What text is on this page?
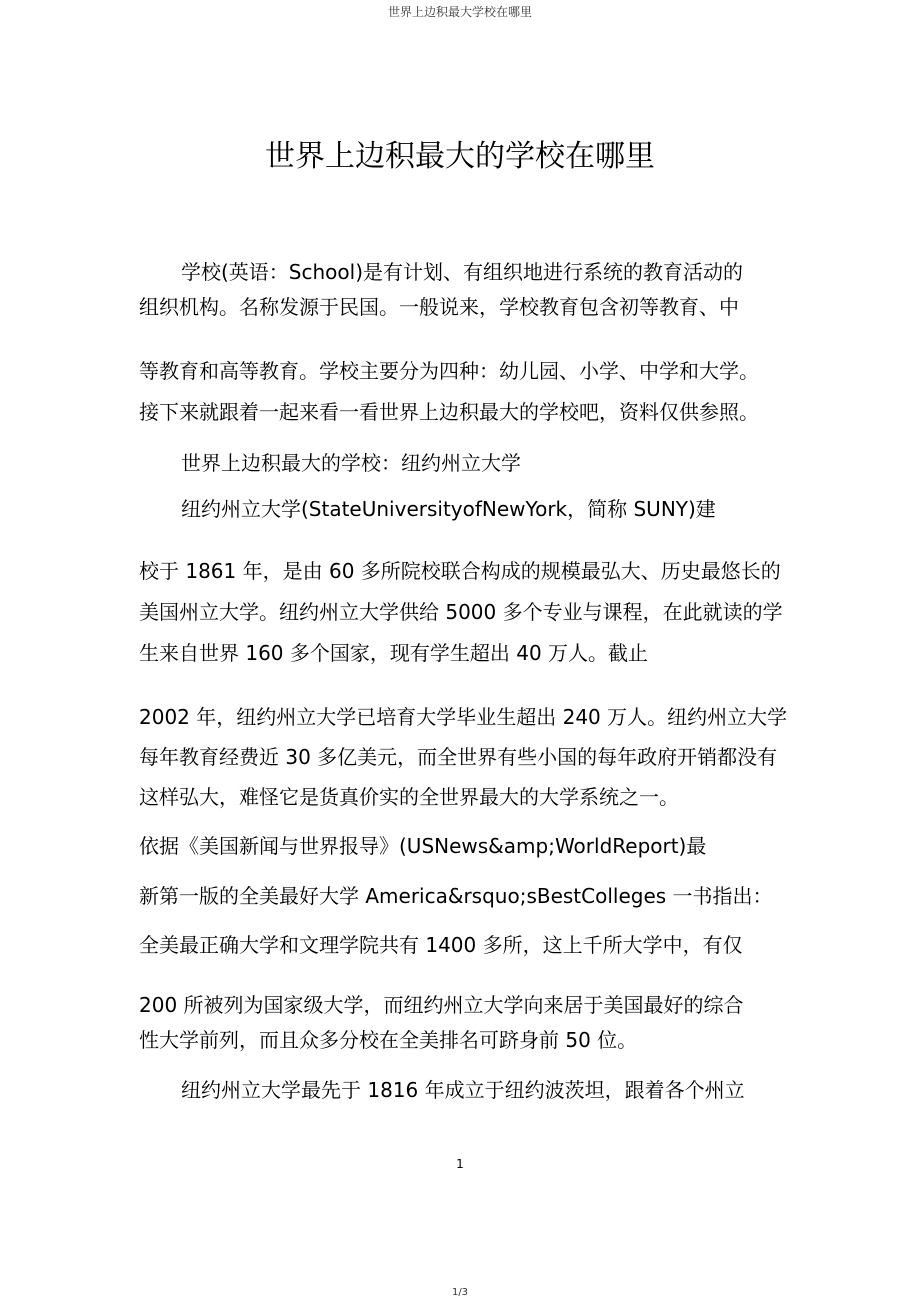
世界上边积最大学校在哪里
世界上边积最大的学校在哪里
学校(英语：School)是有计划、有组织地进行系统的教育活动的
组织机构。名称发源于民国。一般说来，学校教育包含初等教育、中
等教育和高等教育。学校主要分为四种：幼儿园、小学、中学和大学。
接下来就跟着一起来看一看世界上边积最大的学校吧，资料仅供参照。
世界上边积最大的学校：纽约州立大学
纽约州立大学(StateUniversityofNewYork，简称 SUNY)建
校于 1861 年，是由 60 多所院校联合构成的规模最弘大、历史最悠长的
美国州立大学。纽约州立大学供给 5000 多个专业与课程，在此就读的学
生来自世界 160 多个国家，现有学生超出 40 万人。截止
2002 年，纽约州立大学已培育大学毕业生超出 240 万人。纽约州立大学
每年教育经费近 30 多亿美元，而全世界有些小国的每年政府开销都没有
这样弘大，难怪它是货真价实的全世界最大的大学系统之一。
依据《美国新闻与世界报导》(USNews&amp;WorldReport)最
新第一版的全美最好大学 America&rsquo;sBestColleges 一书指出：
全美最正确大学和文理学院共有 1400 多所，这上千所大学中，有仅
200 所被列为国家级大学，而纽约州立大学向来居于美国最好的综合
性大学前列，而且众多分校在全美排名可跻身前 50 位。
纽约州立大学最先于 1816 年成立于纽约波茨坦，跟着各个州立
1
1/3
